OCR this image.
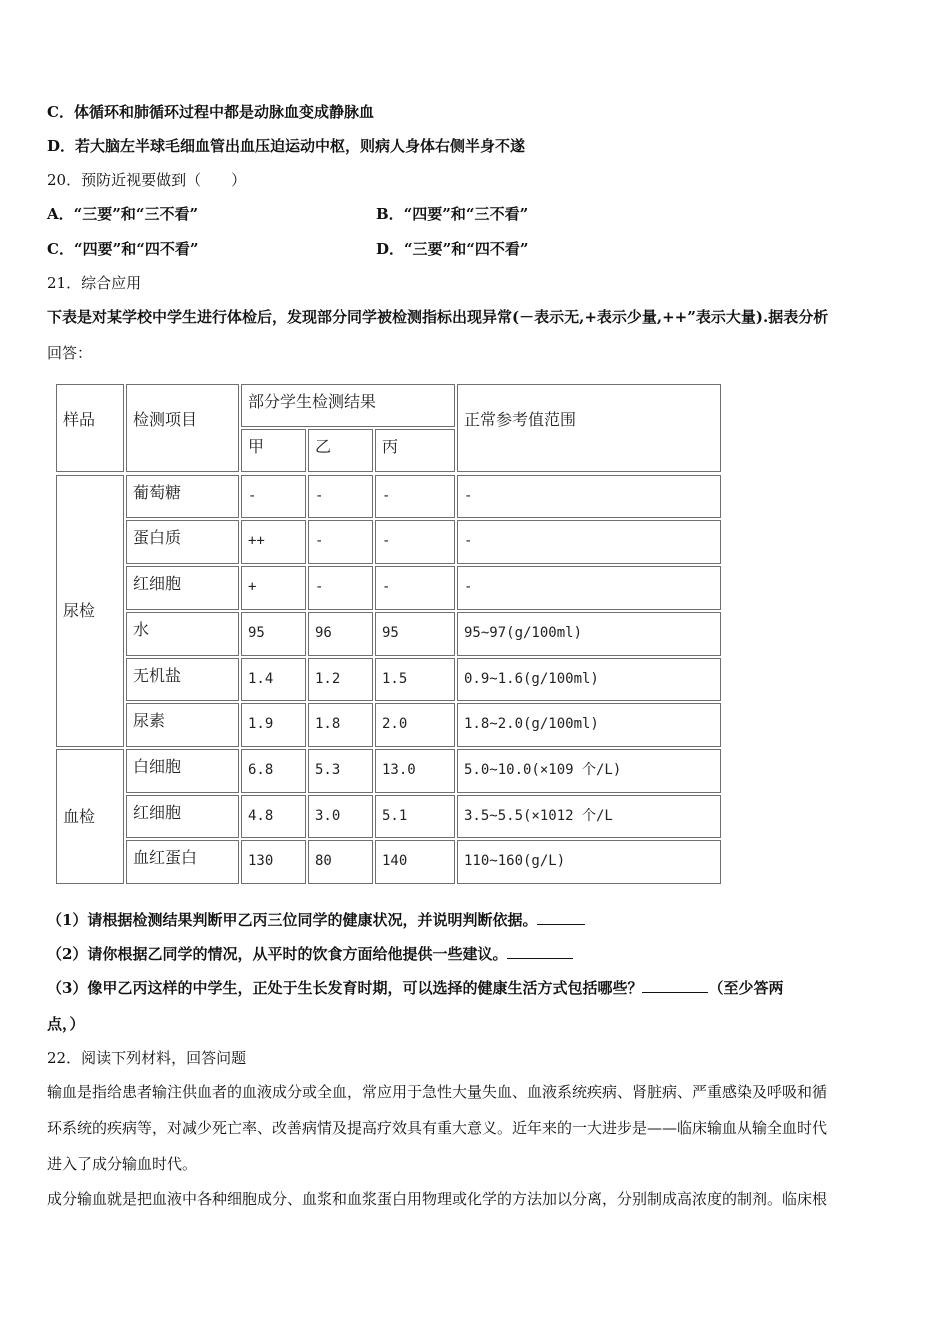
C．体循环和肺循环过程中都是动脉血变成静脉血
D．若大脑左半球毛细血管出血压迫运动中枢，则病人身体右侧半身不遂
20．预防近视要做到（　　）
A．“三要”和“三不看”	B．“四要”和“三不看”
C．“四要”和“四不看”	D．“三要”和“四不看”
21．综合应用
下表是对某学校中学生进行体检后，发现部分同学被检测指标出现异常(－表示无,+表示少量,++”表示大量).据表分析
回答：
样品	检测项目
部分学生检测结果
甲	乙	丙
正常参考值范围
尿检
血检
葡萄糖	-	-	-	-
蛋白质	++	-	-	-
红细胞	+	-	-	-
水	95	96	95	95~97(g/100ml)
无机盐	1.4	1.2	1.5	0.9~1.6(g/100ml)
尿素	1.9	1.8	2.0	1.8~2.0(g/100ml)
白细胞	6.8	5.3	13.0	5.0~10.0(×109 个/L)
红细胞	4.8	3.0	5.1	3.5~5.5(×1012 个/L
血红蛋白	130	80	140	110~160(g/L)
（1）请根据检测结果判断甲乙丙三位同学的健康状况，并说明判断依据。
（2）请你根据乙同学的情况，从平时的饮食方面给他提供一些建议。
（3）像甲乙丙这样的中学生，正处于生长发育时期，可以选择的健康生活方式包括哪些？	（至少答两
点，）
22．阅读下列材料，回答问题
输血是指给患者输注供血者的血液成分或全血，常应用于急性大量失血、血液系统疾病、肾脏病、严重感染及呼吸和循
环系统的疾病等，对减少死亡率、改善病情及提高疗效具有重大意义。近年来的一大进步是——临床输血从输全血时代
进入了成分输血时代。
成分输血就是把血液中各种细胞成分、血浆和血浆蛋白用物理或化学的方法加以分离，分别制成高浓度的制剂。临床根
